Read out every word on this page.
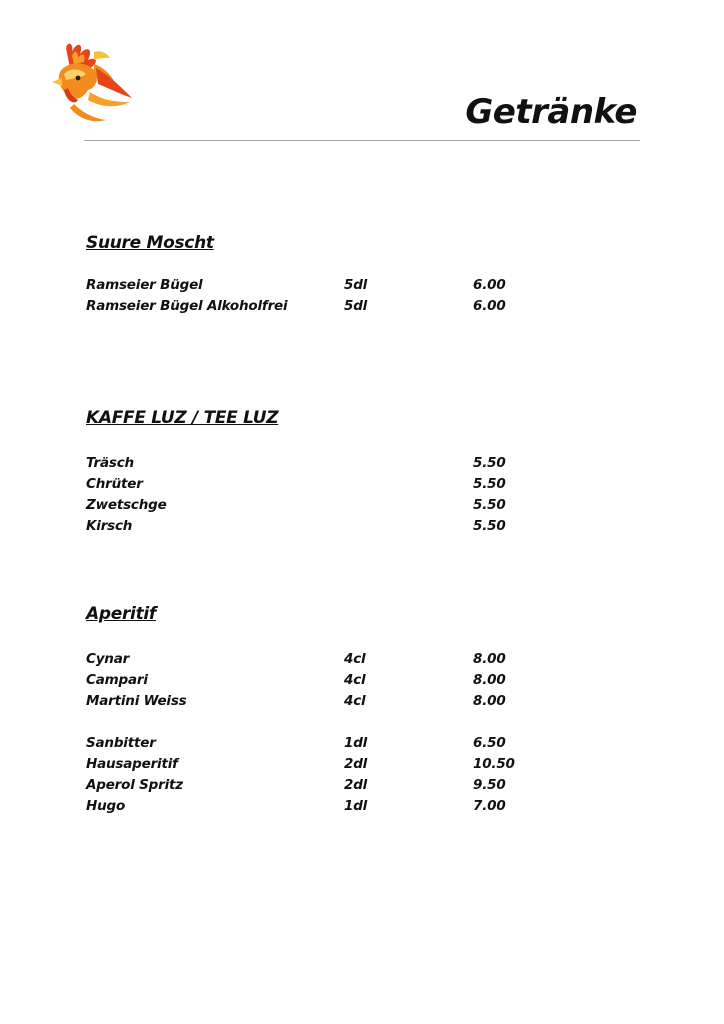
Getränke
Suure Moscht
Ramseier Bügel	5dl	6.00
Ramseier Bügel Alkoholfrei	5dl	6.00
KAFFE LUZ / TEE LUZ
Träsch	5.50
Chrüter	5.50
Zwetschge	5.50
Kirsch	5.50
Aperitif
Cynar	4cl	8.00
Campari	4cl	8.00
Martini Weiss	4cl	8.00
Sanbitter	1dl	6.50
Hausaperitif	2dl	10.50
Aperol Spritz	2dl	9.50
Hugo	1dl	7.00
